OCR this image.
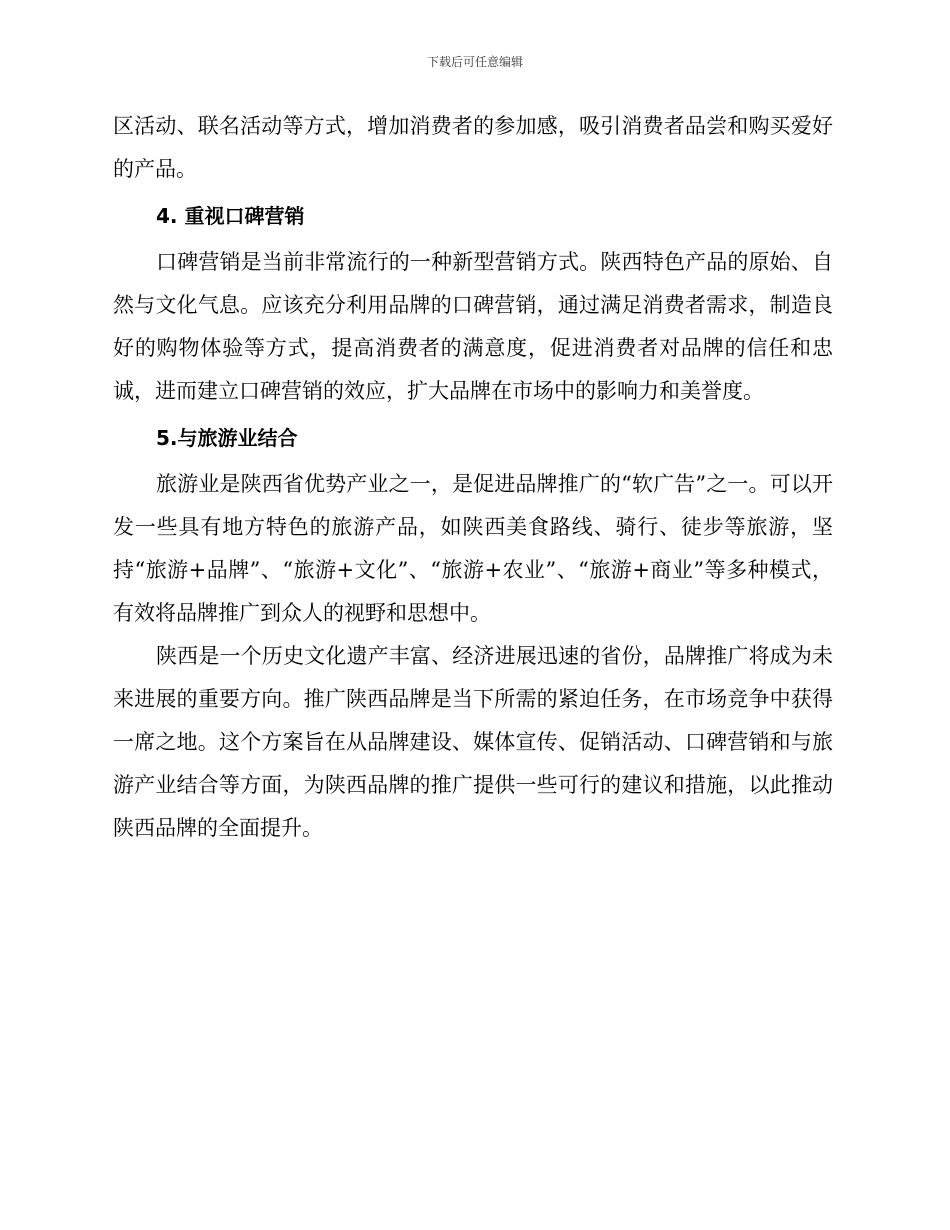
下载后可任意编辑

区活动、联名活动等方式，增加消费者的参加感，吸引消费者品尝和购买爱好的产品。

4. 重视口碑营销

口碑营销是当前非常流行的一种新型营销方式。陕西特色产品的原始、自然与文化气息。应该充分利用品牌的口碑营销，通过满足消费者需求，制造良好的购物体验等方式，提高消费者的满意度，促进消费者对品牌的信任和忠诚，进而建立口碑营销的效应，扩大品牌在市场中的影响力和美誉度。

5.与旅游业结合

旅游业是陕西省优势产业之一，是促进品牌推广的“软广告”之一。可以开发一些具有地方特色的旅游产品，如陕西美食路线、骑行、徒步等旅游，坚持“旅游+品牌”、“旅游+文化”、“旅游+农业”、“旅游+商业”等多种模式，有效将品牌推广到众人的视野和思想中。

陕西是一个历史文化遗产丰富、经济进展迅速的省份，品牌推广将成为未来进展的重要方向。推广陕西品牌是当下所需的紧迫任务，在市场竞争中获得一席之地。这个方案旨在从品牌建设、媒体宣传、促销活动、口碑营销和与旅游产业结合等方面，为陕西品牌的推广提供一些可行的建议和措施，以此推动陕西品牌的全面提升。
